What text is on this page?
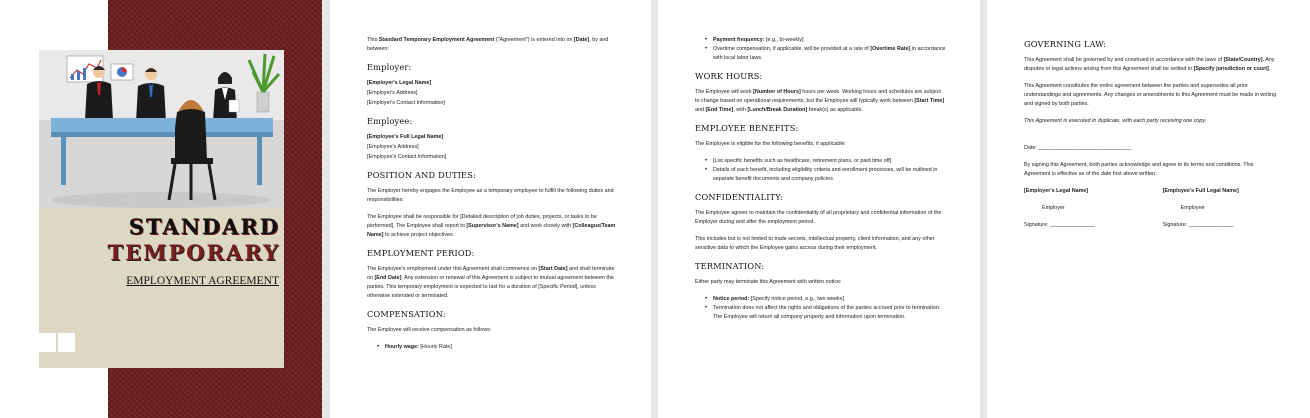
STANDARD
TEMPORARY
EMPLOYMENT AGREEMENT

This Standard Temporary Employment Agreement ("Agreement") is entered into on [Date], by and between:

Employer:
[Employer's Legal Name]
[Employer's Address]
[Employer's Contact Information]
Employee:
[Employee's Full Legal Name]
[Employee's Address]
[Employee's Contact Information]
POSITION AND DUTIES:

The Employer hereby engages the Employee as a temporary employee to fulfill the following duties and responsibilities:

The Employee shall be responsible for [Detailed description of job duties, projects, or tasks to be performed]. The Employee shall report to [Supervisor's Name] and work closely with [Colleague/Team Name] to achieve project objectives.

EMPLOYMENT PERIOD:

The Employee's employment under this Agreement shall commence on [Start Date] and shall terminate on [End Date]. Any extension or renewal of this Agreement is subject to mutual agreement between the parties. This temporary employment is expected to last for a duration of [Specific Period], unless otherwise extended or terminated.

COMPENSATION:

The Employee will receive compensation as follows:

• Hourly wage: [Hourly Rate]
• Payment frequency: [e.g., bi-weekly]
• Overtime compensation, if applicable, will be provided at a rate of [Overtime Rate] in accordance with local labor laws.
WORK HOURS:

The Employee will work [Number of Hours] hours per week. Working hours and schedules are subject to change based on operational requirements, but the Employee will typically work between [Start Time] and [End Time], with [Lunch/Break Duration] break(s) as applicable.

EMPLOYEE BENEFITS:

The Employee is eligible for the following benefits, if applicable:

• [List specific benefits such as healthcare, retirement plans, or paid time off]
• Details of each benefit, including eligibility criteria and enrollment processes, will be outlined in separate benefit documents and company policies.
CONFIDENTIALITY:

The Employee agrees to maintain the confidentiality of all proprietary and confidential information of the Employer during and after the employment period.

This includes but is not limited to trade secrets, intellectual property, client information, and any other sensitive data to which the Employee gains access during their employment.

TERMINATION:

Either party may terminate this Agreement with written notice:

• Notice period: [Specify notice period, e.g., two weeks]
• Termination does not affect the rights and obligations of the parties accrued prior to termination. The Employee will return all company property and information upon termination.
GOVERNING LAW:

This Agreement shall be governed by and construed in accordance with the laws of [State/Country]. Any disputes or legal actions arising from this Agreement shall be settled in [Specify jurisdiction or court].

This Agreement constitutes the entire agreement between the parties and supersedes all prior understandings and agreements. Any changes or amendments to this Agreement must be made in writing and signed by both parties.

This Agreement is executed in duplicate, with each party receiving one copy.

Date: _______________________________

By signing this Agreement, both parties acknowledge and agree to its terms and conditions. This Agreement is effective as of the date first above written.

[Employer's Legal Name]

Employer

Signature: _______________

[Employee's Full Legal Name]

Employee

Signature: _______________
